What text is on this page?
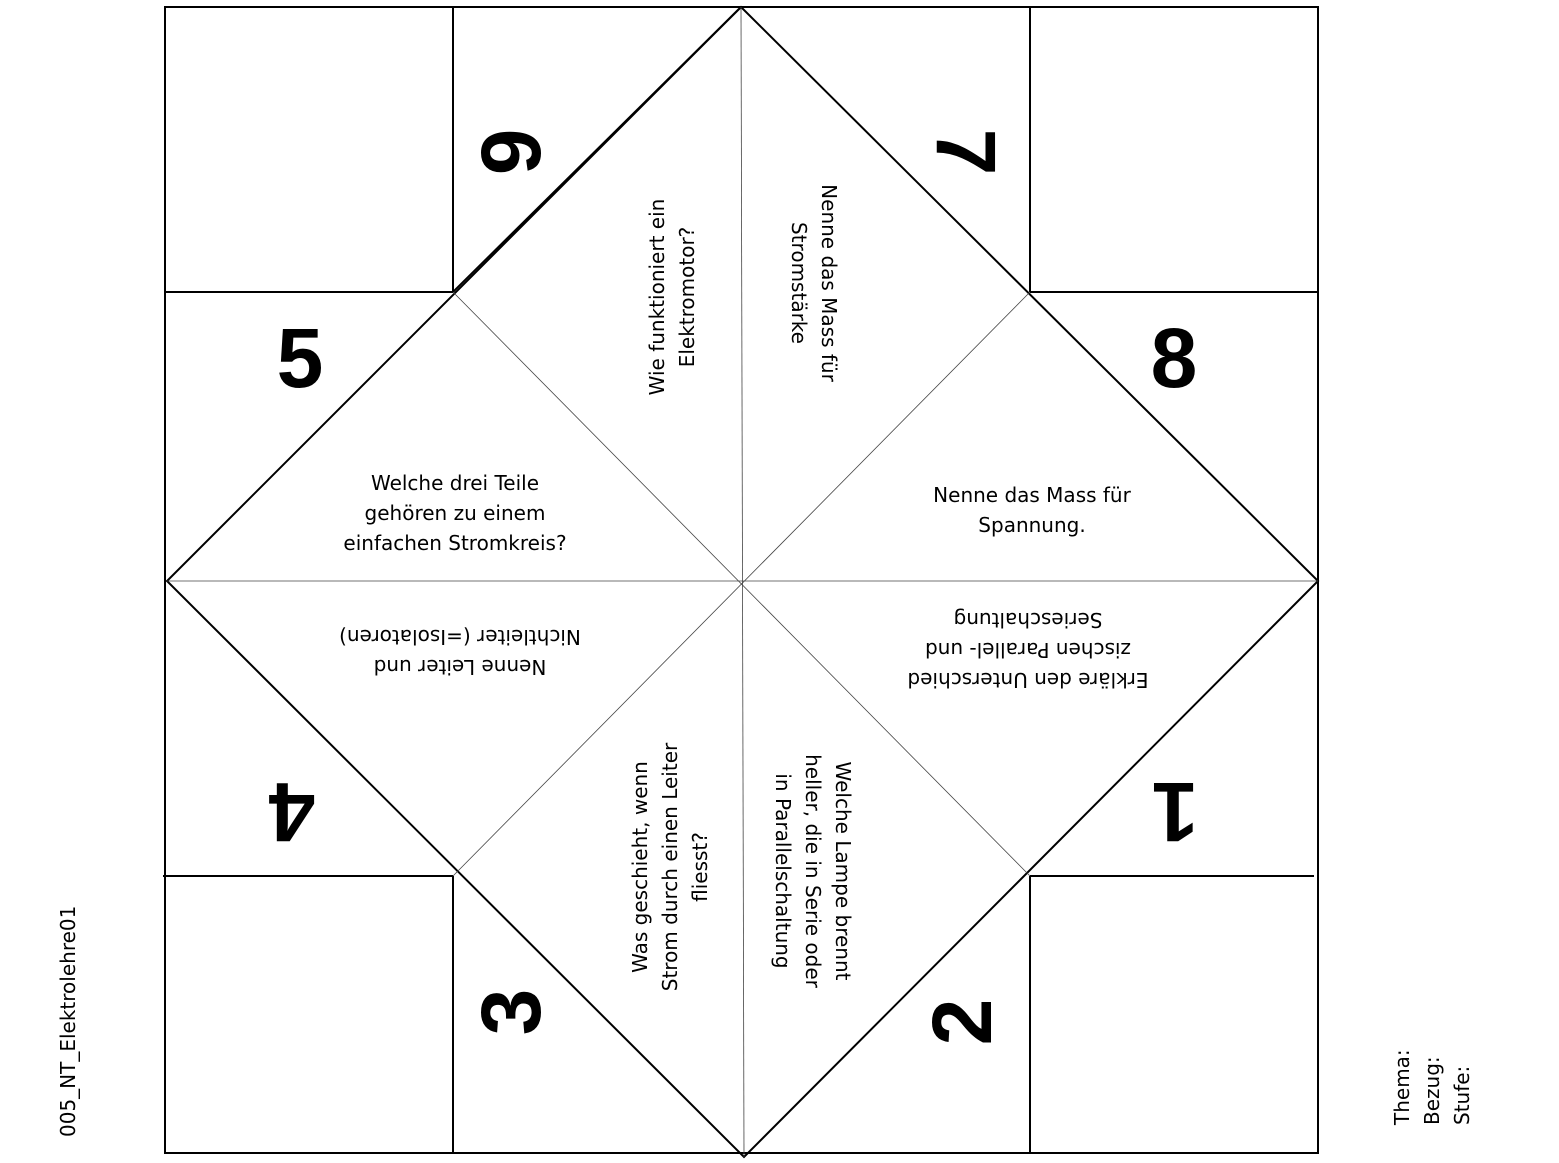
6	7
5	8
4	1
3	2
Wie funktioniert ein
Elektromotor?
Nenne das Mass für
Stromstärke
Welche drei Teile
gehören zu einem
einfachen Stromkreis?
Nenne das Mass für
Spannung.
Nenne Leiter und
Nichtleiter (=Isolatoren)
Erkläre den Unterschied
zischen Parallel- und
Serieschaltung
Was geschieht, wenn
Strom durch einen Leiter
fliesst?
Welche Lampe brennt
heller, die in Serie oder
in Parallelschaltung
005_NT_Elektrolehre01	Thema:
Bezug:
Stufe:
